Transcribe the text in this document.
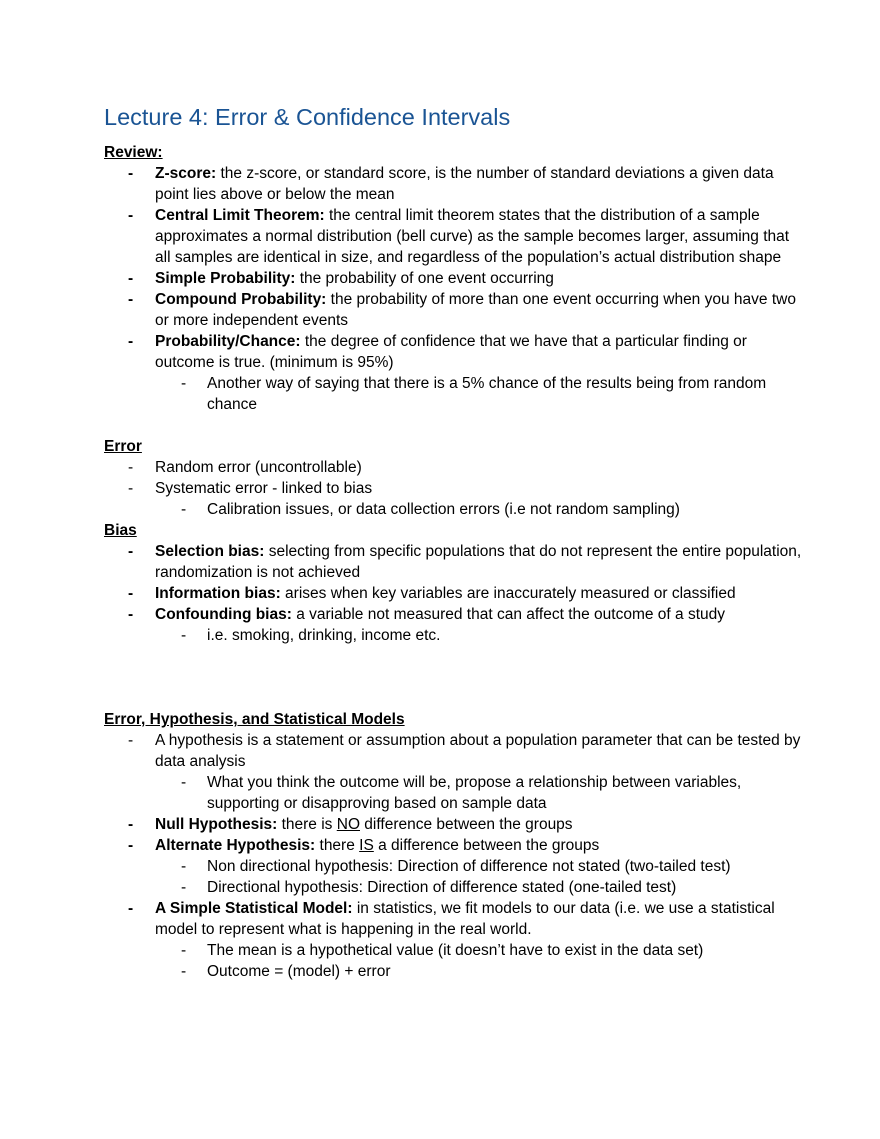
Lecture 4: Error & Confidence Intervals

Review:

- Z-score: the z-score, or standard score, is the number of standard deviations a given data point lies above or below the mean
- Central Limit Theorem: the central limit theorem states that the distribution of a sample approximates a normal distribution (bell curve) as the sample becomes larger, assuming that all samples are identical in size, and regardless of the population’s actual distribution shape
- Simple Probability: the probability of one event occurring
- Compound Probability: the probability of more than one event occurring when you have two or more independent events
- Probability/Chance: the degree of confidence that we have that a particular finding or outcome is true. (minimum is 95%)
- Another way of saying that there is a 5% chance of the results being from random chance

Error

- Random error (uncontrollable)
- Systematic error - linked to bias
- Calibration issues, or data collection errors (i.e not random sampling)

Bias

- Selection bias: selecting from specific populations that do not represent the entire population, randomization is not achieved
- Information bias: arises when key variables are inaccurately measured or classified
- Confounding bias: a variable not measured that can affect the outcome of a study
- i.e. smoking, drinking, income etc.

Error, Hypothesis, and Statistical Models

- A hypothesis is a statement or assumption about a population parameter that can be tested by data analysis
- What you think the outcome will be, propose a relationship between variables, supporting or disapproving based on sample data
- Null Hypothesis: there is NO difference between the groups
- Alternate Hypothesis: there IS a difference between the groups
- Non directional hypothesis: Direction of difference not stated (two-tailed test)
- Directional hypothesis: Direction of difference stated (one-tailed test)
- A Simple Statistical Model: in statistics, we fit models to our data (i.e. we use a statistical model to represent what is happening in the real world.
- The mean is a hypothetical value (it doesn’t have to exist in the data set)
- Outcome = (model) + error
